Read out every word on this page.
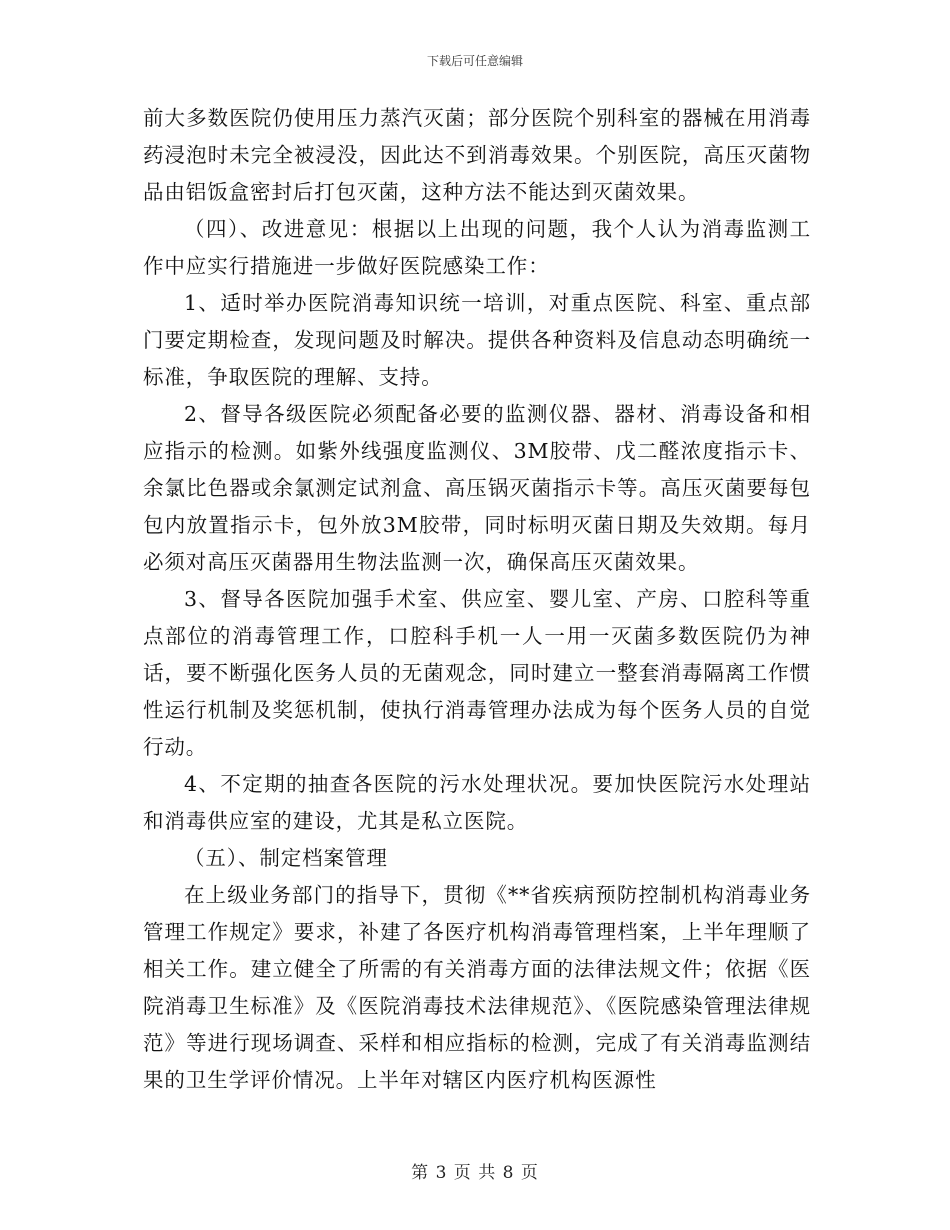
下载后可任意编辑

前大多数医院仍使用压力蒸汽灭菌；部分医院个别科室的器械在用消毒药浸泡时未完全被浸没，因此达不到消毒效果。个别医院，高压灭菌物品由铝饭盒密封后打包灭菌，这种方法不能达到灭菌效果。

（四）、改进意见：根据以上出现的问题，我个人认为消毒监测工作中应实行措施进一步做好医院感染工作：

1、适时举办医院消毒知识统一培训，对重点医院、科室、重点部门要定期检查，发现问题及时解决。提供各种资料及信息动态明确统一标准，争取医院的理解、支持。

2、督导各级医院必须配备必要的监测仪器、器材、消毒设备和相应指示的检测。如紫外线强度监测仪、3M胶带、戊二醛浓度指示卡、余氯比色器或余氯测定试剂盒、高压锅灭菌指示卡等。高压灭菌要每包包内放置指示卡，包外放3M胶带，同时标明灭菌日期及失效期。每月必须对高压灭菌器用生物法监测一次，确保高压灭菌效果。

3、督导各医院加强手术室、供应室、婴儿室、产房、口腔科等重点部位的消毒管理工作，口腔科手机一人一用一灭菌多数医院仍为神话，要不断强化医务人员的无菌观念，同时建立一整套消毒隔离工作惯性运行机制及奖惩机制，使执行消毒管理办法成为每个医务人员的自觉行动。

4、不定期的抽查各医院的污水处理状况。要加快医院污水处理站和消毒供应室的建设，尤其是私立医院。

（五）、制定档案管理

在上级业务部门的指导下，贯彻《**省疾病预防控制机构消毒业务管理工作规定》要求，补建了各医疗机构消毒管理档案，上半年理顺了相关工作。建立健全了所需的有关消毒方面的法律法规文件；依据《医院消毒卫生标准》及《医院消毒技术法律规范》、《医院感染管理法律规范》等进行现场调查、采样和相应指标的检测，完成了有关消毒监测结果的卫生学评价情况。上半年对辖区内医疗机构医源性

第 3 页 共 8 页
